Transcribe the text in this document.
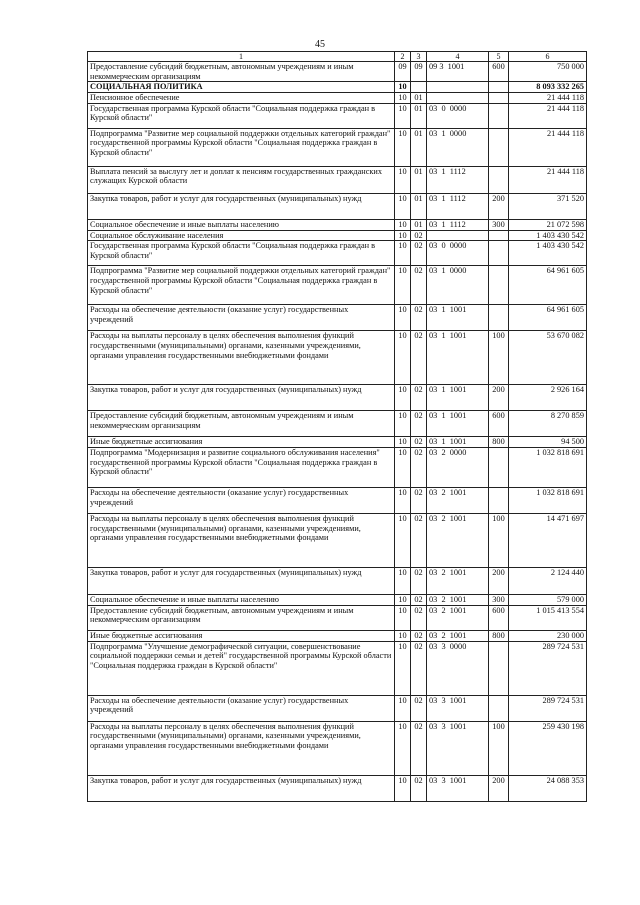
45
1	2	3	4	5	6
Предоставление субсидий бюджетным, автономным учреждениям и иным некоммерческим организациям	09	09	09 3  1001	600	750 000
СОЦИАЛЬНАЯ ПОЛИТИКА	10				8 093 332 265
Пенсионное обеспечение	10	01			21 444 118
Государственная программа Курской области "Социальная поддержка граждан в Курской области"	10	01	03  0  0000		21 444 118
Подпрограмма "Развитие мер социальной поддержки отдельных категорий граждан" государственной программы Курской области "Социальная поддержка граждан в Курской области"	10	01	03  1  0000		21 444 118
Выплата пенсий за выслугу лет и доплат к пенсиям государственных гражданских служащих Курской области	10	01	03  1  1112		21 444 118
Закупка товаров, работ и услуг для государственных (муниципальных) нужд	10	01	03  1  1112	200	371 520
Социальное обеспечение и иные выплаты населению	10	01	03  1  1112	300	21 072 598
Социальное обслуживание населения	10	02			1 403 430 542
Государственная программа Курской области "Социальная поддержка граждан в Курской области"	10	02	03  0  0000		1 403 430 542
Подпрограмма "Развитие мер социальной поддержки отдельных категорий граждан" государственной программы Курской области "Социальная поддержка граждан в Курской области"	10	02	03  1  0000		64 961 605
Расходы на обеспечение деятельности (оказание услуг) государственных учреждений	10	02	03  1  1001		64 961 605
Расходы на выплаты персоналу в целях обеспечения выполнения функций государственными (муниципальными) органами, казенными учреждениями, органами управления государственными внебюджетными фондами	10	02	03  1  1001	100	53 670 082
Закупка товаров, работ и услуг для государственных (муниципальных) нужд	10	02	03  1  1001	200	2 926 164
Предоставление субсидий бюджетным, автономным учреждениям и иным некоммерческим организациям	10	02	03  1  1001	600	8 270 859
Иные бюджетные ассигнования	10	02	03  1  1001	800	94 500
Подпрограмма "Модернизация и развитие социального обслуживания населения" государственной программы Курской области "Социальная поддержка граждан в Курской области"	10	02	03  2  0000		1 032 818 691
Расходы на обеспечение деятельности (оказание услуг) государственных учреждений	10	02	03  2  1001		1 032 818 691
Расходы на выплаты персоналу в целях обеспечения выполнения функций государственными (муниципальными) органами, казенными учреждениями, органами управления государственными внебюджетными фондами	10	02	03  2  1001	100	14 471 697
Закупка товаров, работ и услуг для государственных (муниципальных) нужд	10	02	03  2  1001	200	2 124 440
Социальное обеспечение и иные выплаты населению	10	02	03  2  1001	300	579 000
Предоставление субсидий бюджетным, автономным учреждениям и иным некоммерческим организациям	10	02	03  2  1001	600	1 015 413 554
Иные бюджетные ассигнования	10	02	03  2  1001	800	230 000
Подпрограмма "Улучшение демографической ситуации, совершенствование социальной поддержки семьи и детей" государственной программы Курской области "Социальная поддержка граждан в Курской области"	10	02	03  3  0000		289 724 531
Расходы на обеспечение деятельности (оказание услуг) государственных учреждений	10	02	03  3  1001		289 724 531
Расходы на выплаты персоналу в целях обеспечения выполнения функций государственными (муниципальными) органами, казенными учреждениями, органами управления государственными внебюджетными фондами	10	02	03  3  1001	100	259 430 198
Закупка товаров, работ и услуг для государственных (муниципальных) нужд	10	02	03  3  1001	200	24 088 353
